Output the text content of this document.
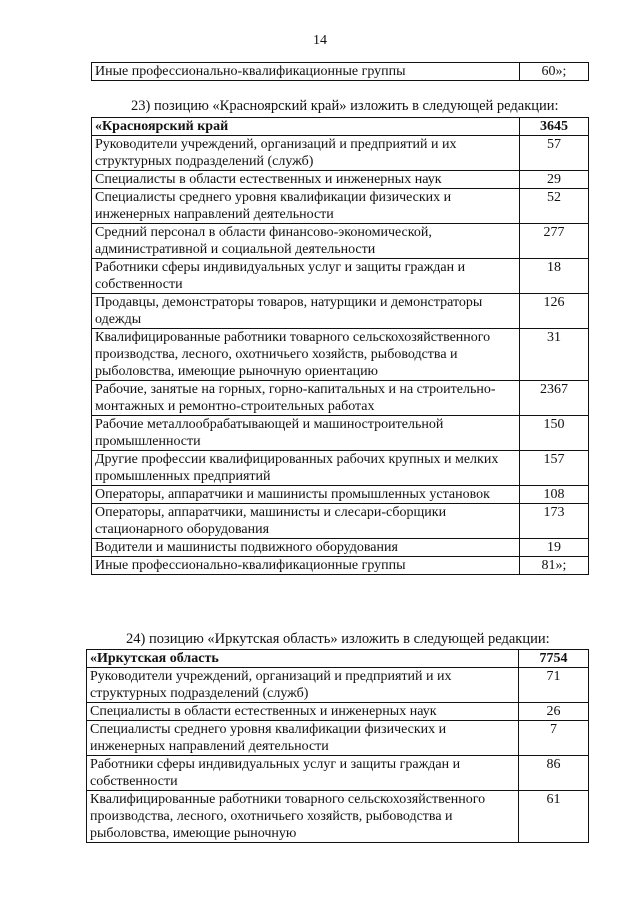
14
Иные профессионально-квалификационные группы	60»;
23) позицию «Красноярский край» изложить в следующей редакции:
«Красноярский край	3645
Руководители учреждений, организаций и предприятий и их структурных подразделений (служб)	57
Специалисты в области естественных и инженерных наук	29
Специалисты среднего уровня квалификации физических и инженерных направлений деятельности	52
Средний персонал в области финансово-экономической, административной и социальной деятельности	277
Работники сферы индивидуальных услуг и защиты граждан и собственности	18
Продавцы, демонстраторы товаров, натурщики и демонстраторы одежды	126
Квалифицированные работники товарного сельскохозяйственного производства, лесного, охотничьего хозяйств, рыбоводства и рыболовства, имеющие рыночную ориентацию	31
Рабочие, занятые на горных, горно-капитальных и на строительно-монтажных и ремонтно-строительных работах	2367
Рабочие металлообрабатывающей и машиностроительной промышленности	150
Другие профессии квалифицированных рабочих крупных и мелких промышленных предприятий	157
Операторы, аппаратчики и машинисты промышленных установок	108
Операторы, аппаратчики, машинисты и слесари-сборщики стационарного оборудования	173
Водители и машинисты подвижного оборудования	19
Иные профессионально-квалификационные группы	81»;
24) позицию «Иркутская область» изложить в следующей редакции:
«Иркутская область	7754
Руководители учреждений, организаций и предприятий и их структурных подразделений (служб)	71
Специалисты в области естественных и инженерных наук	26
Специалисты среднего уровня квалификации физических и инженерных направлений деятельности	7
Работники сферы индивидуальных услуг и защиты граждан и собственности	86
Квалифицированные работники товарного сельскохозяйственного производства, лесного, охотничьего хозяйств, рыбоводства и рыболовства, имеющие рыночную	61
